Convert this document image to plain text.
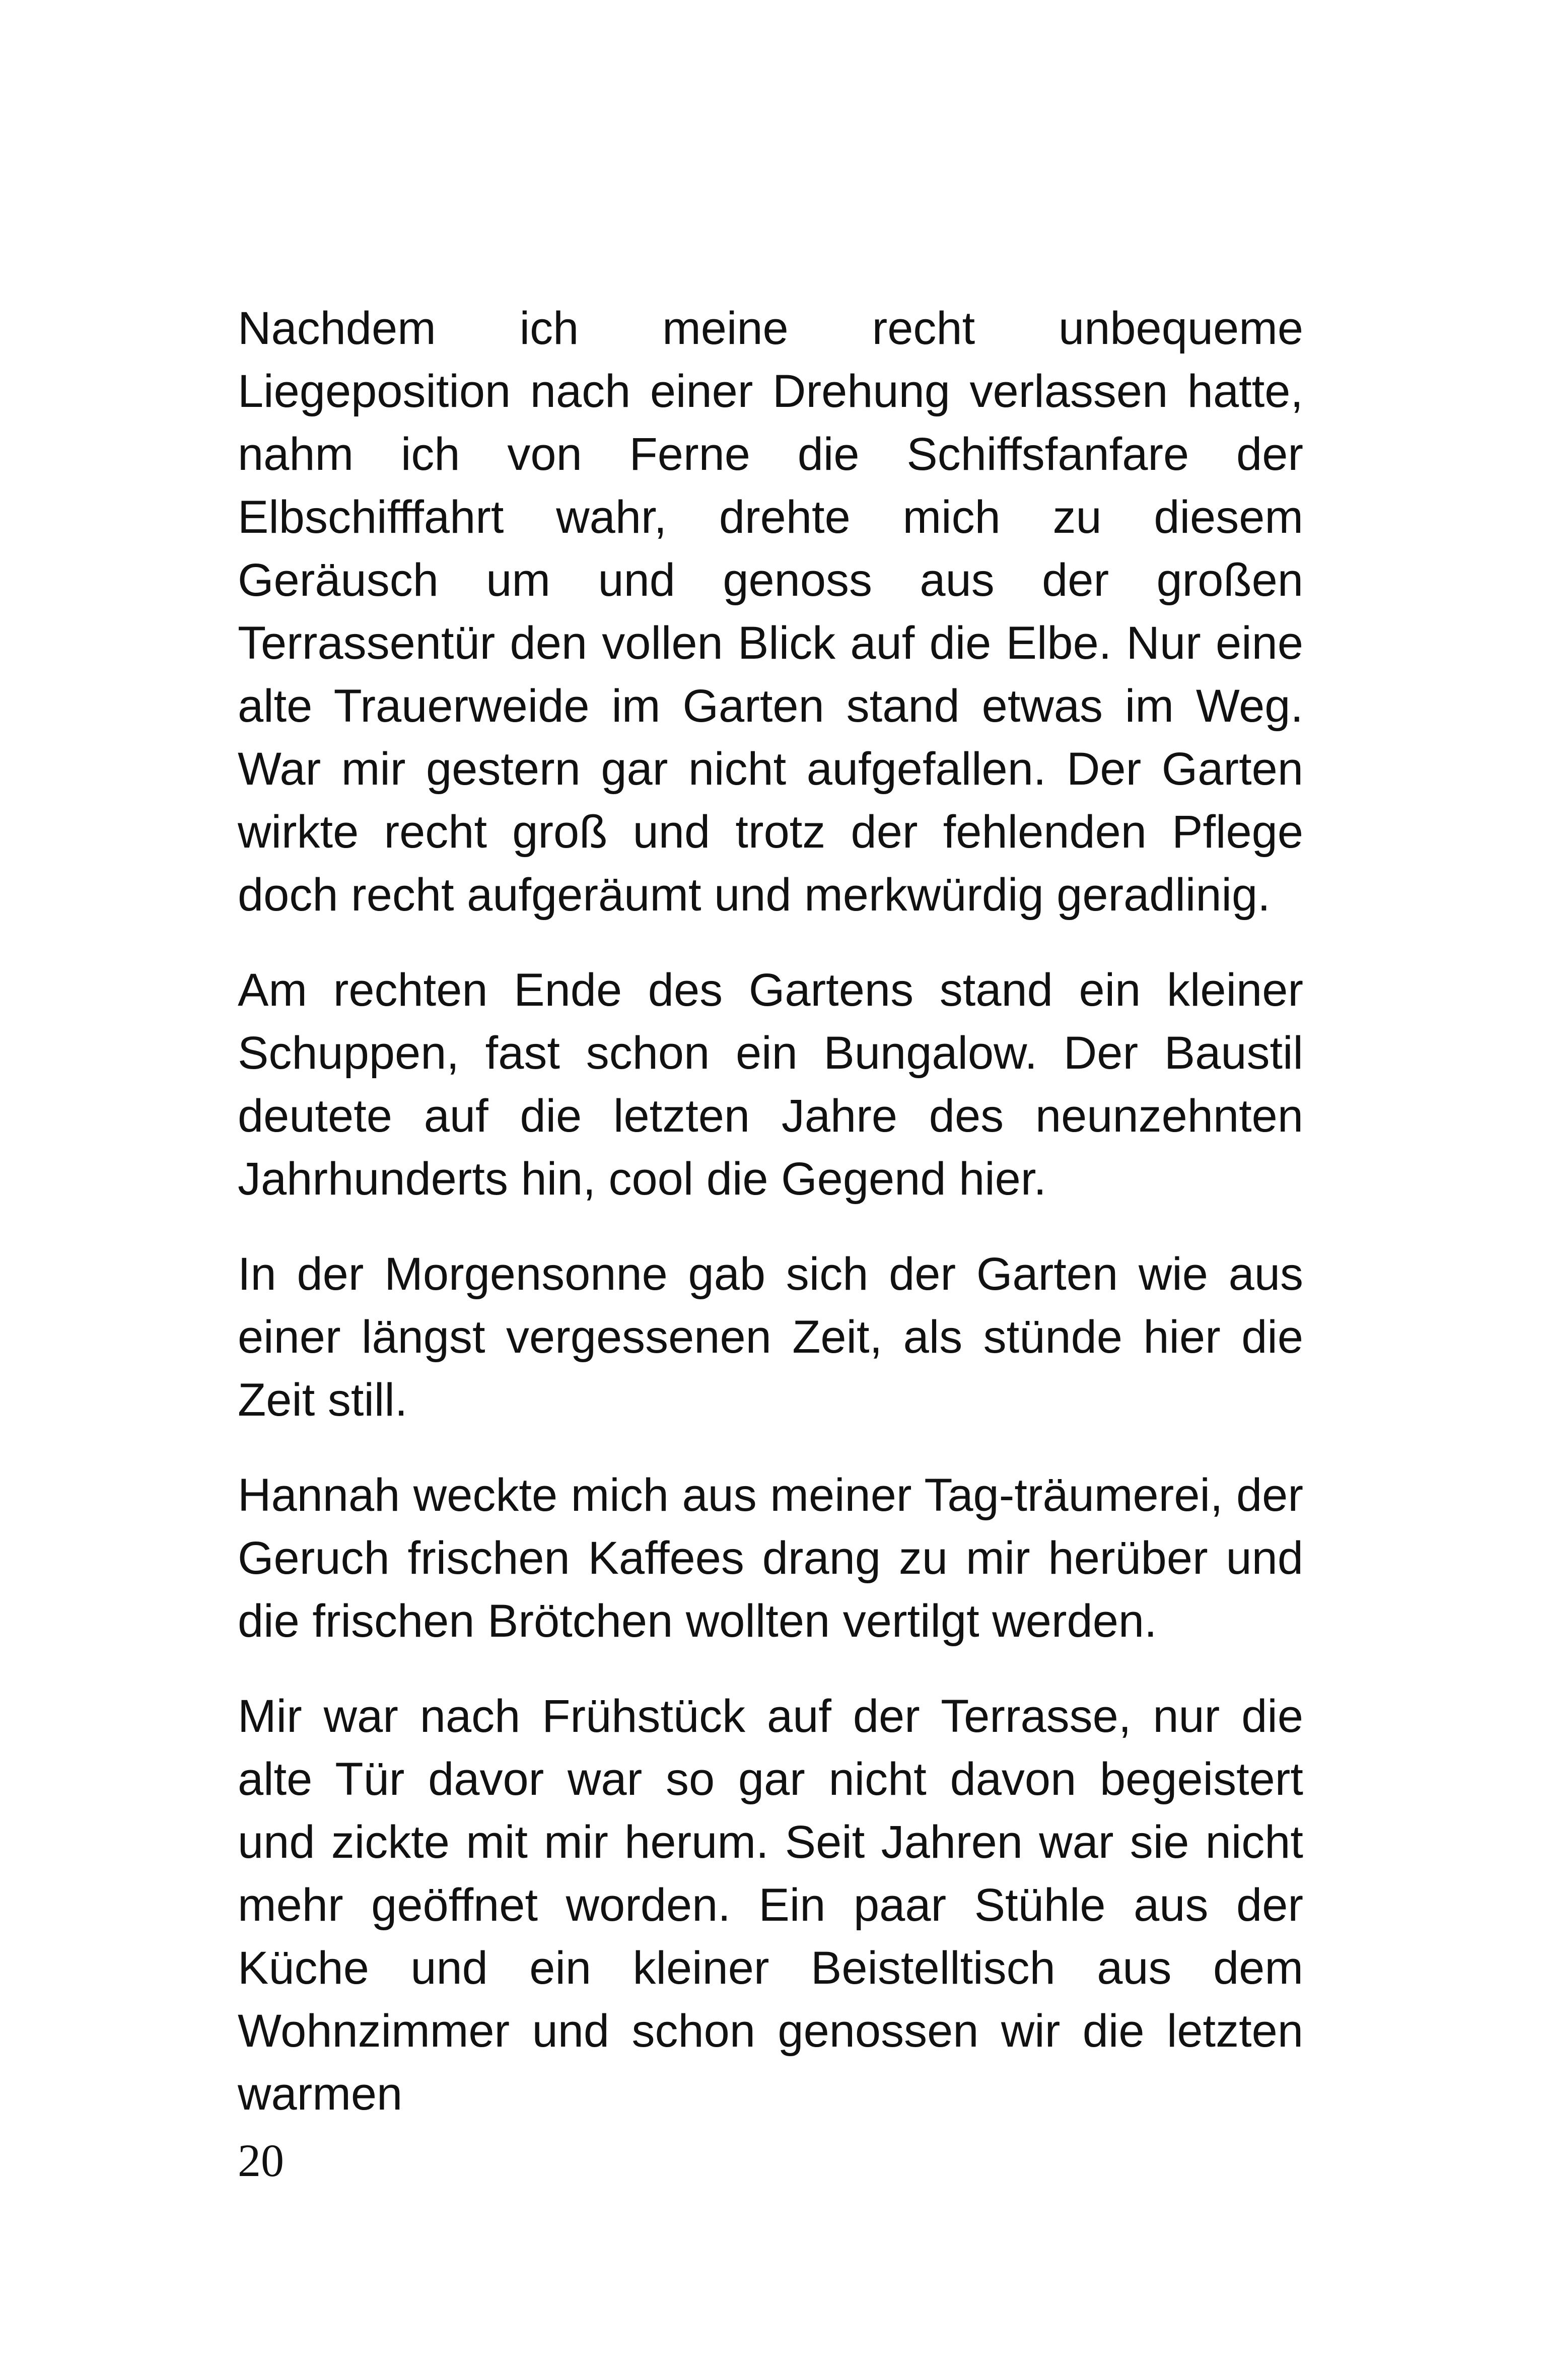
Nachdem ich meine recht unbequeme Liegeposition nach einer Drehung verlassen hatte, nahm ich von Ferne die Schiffsfanfare der Elbschifffahrt wahr, drehte mich zu diesem Geräusch um und genoss aus der großen Terrassentür den vollen Blick auf die Elbe. Nur eine alte Trauerweide im Garten stand etwas im Weg. War mir gestern gar nicht aufgefallen. Der Garten wirkte recht groß und trotz der fehlenden Pflege doch recht aufgeräumt und merkwürdig geradlinig.

Am rechten Ende des Gartens stand ein kleiner Schuppen, fast schon ein Bungalow. Der Baustil deutete auf die letzten Jahre des neunzehnten Jahrhunderts hin, cool die Gegend hier.

In der Morgensonne gab sich der Garten wie aus einer längst vergessenen Zeit, als stünde hier die Zeit still.

Hannah weckte mich aus meiner Tag-träumerei, der Geruch frischen Kaffees drang zu mir herüber und die frischen Brötchen wollten vertilgt werden.

Mir war nach Frühstück auf der Terrasse, nur die alte Tür davor war so gar nicht davon begeistert und zickte mit mir herum. Seit Jahren war sie nicht mehr geöffnet worden. Ein paar Stühle aus der Küche und ein kleiner Beistelltisch aus dem Wohnzimmer und schon genossen wir die letzten warmen

20
